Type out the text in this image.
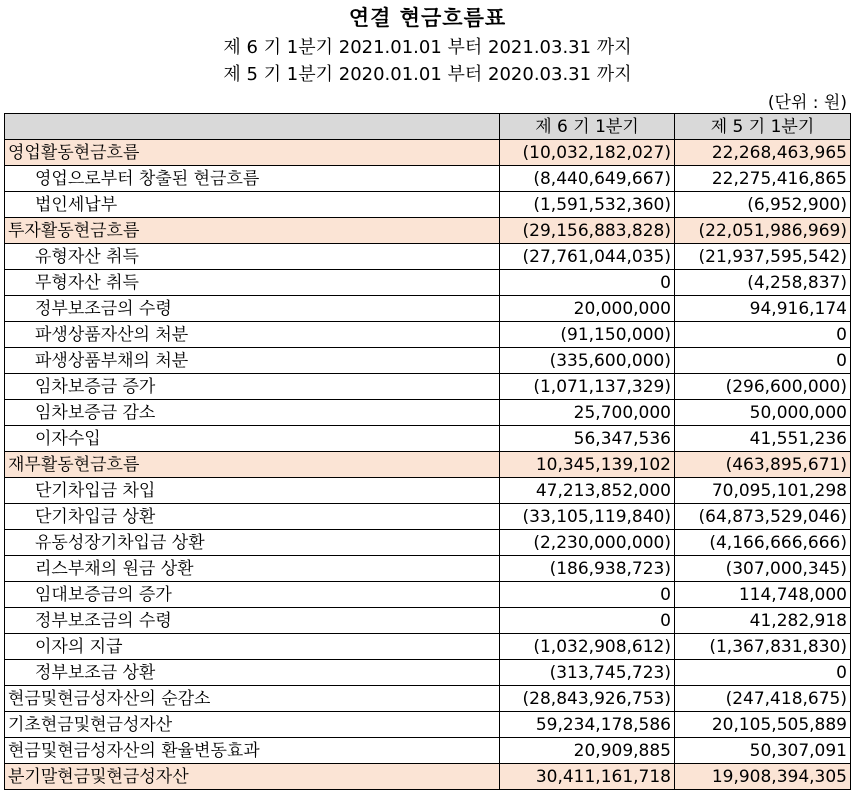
연결 현금흐름표
제 6 기 1분기 2021.01.01 부터 2021.03.31 까지
제 5 기 1분기 2020.01.01 부터 2020.03.31 까지
(단위 : 원)
	제 6 기 1분기	제 5 기 1분기
영업활동현금흐름	(10,032,182,027)	22,268,463,965
영업으로부터 창출된 현금흐름	(8,440,649,667)	22,275,416,865
법인세납부	(1,591,532,360)	(6,952,900)
투자활동현금흐름	(29,156,883,828)	(22,051,986,969)
유형자산 취득	(27,761,044,035)	(21,937,595,542)
무형자산 취득	0	(4,258,837)
정부보조금의 수령	20,000,000	94,916,174
파생상품자산의 처분	(91,150,000)	0
파생상품부채의 처분	(335,600,000)	0
임차보증금 증가	(1,071,137,329)	(296,600,000)
임차보증금 감소	25,700,000	50,000,000
이자수입	56,347,536	41,551,236
재무활동현금흐름	10,345,139,102	(463,895,671)
단기차입금 차입	47,213,852,000	70,095,101,298
단기차입금 상환	(33,105,119,840)	(64,873,529,046)
유동성장기차입금 상환	(2,230,000,000)	(4,166,666,666)
리스부채의 원금 상환	(186,938,723)	(307,000,345)
임대보증금의 증가	0	114,748,000
정부보조금의 수령	0	41,282,918
이자의 지급	(1,032,908,612)	(1,367,831,830)
정부보조금 상환	(313,745,723)	0
현금및현금성자산의 순감소	(28,843,926,753)	(247,418,675)
기초현금및현금성자산	59,234,178,586	20,105,505,889
현금및현금성자산의 환율변동효과	20,909,885	50,307,091
분기말현금및현금성자산	30,411,161,718	19,908,394,305
